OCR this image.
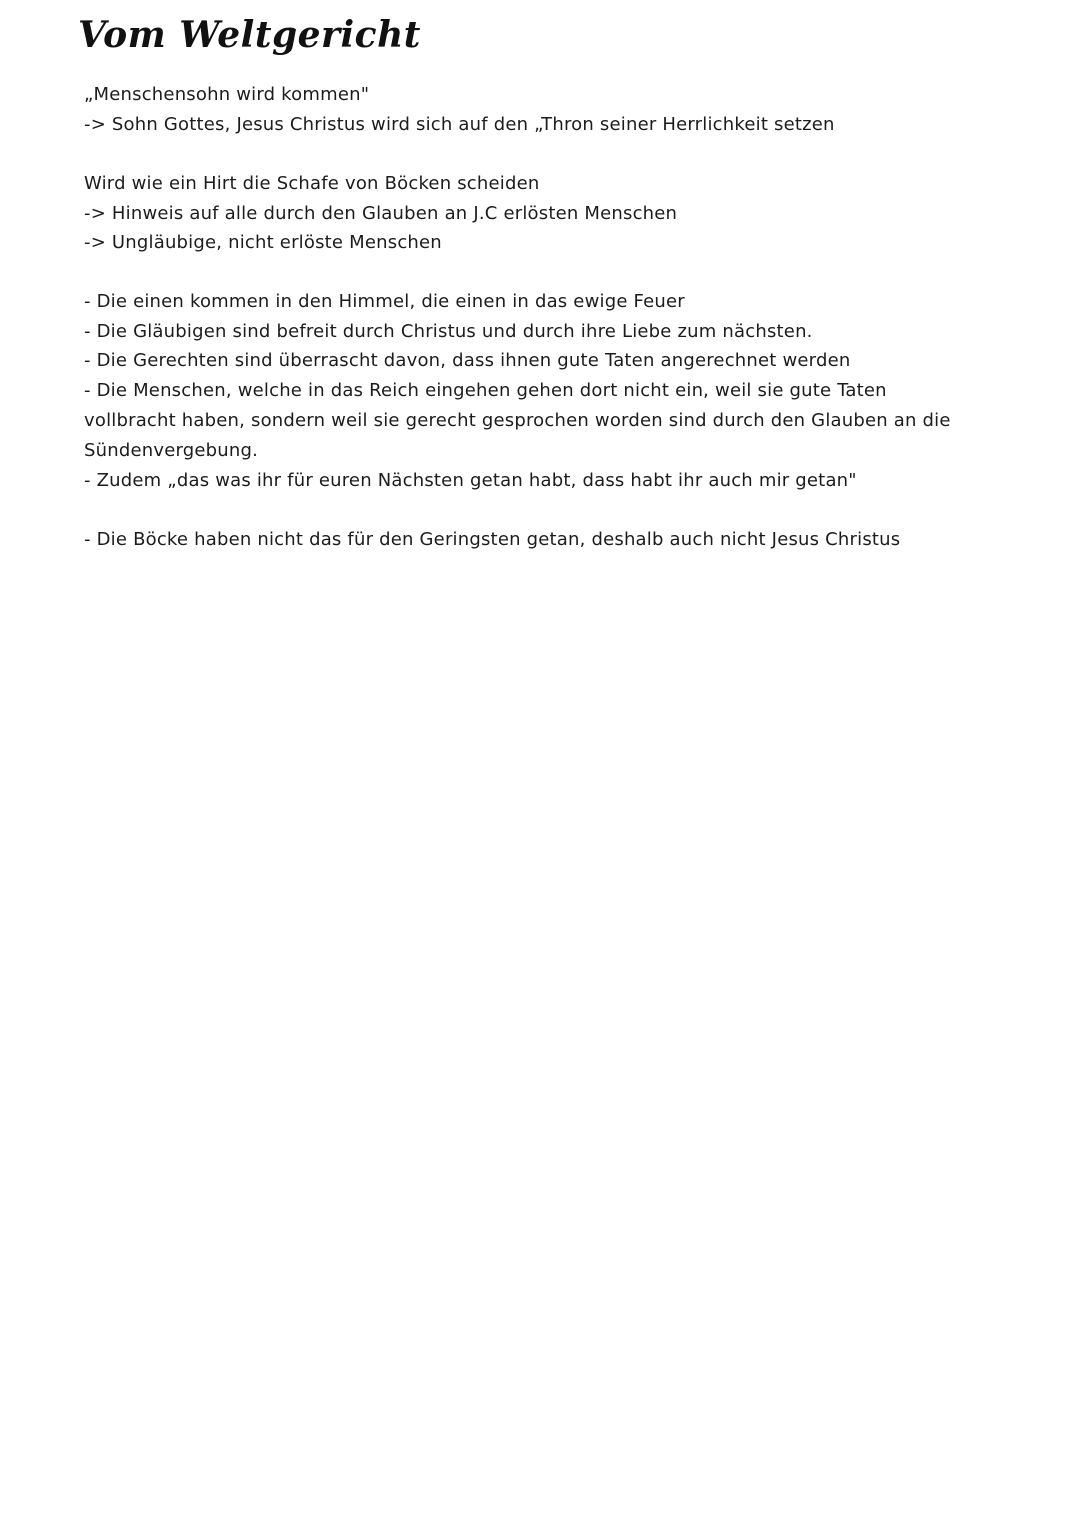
Vom Weltgericht
„Menschensohn wird kommen"
-> Sohn Gottes, Jesus Christus wird sich auf den „Thron seiner Herrlichkeit setzen
Wird wie ein Hirt die Schafe von Böcken scheiden
-> Hinweis auf alle durch den Glauben an J.C erlösten Menschen
-> Ungläubige, nicht erlöste Menschen
- Die einen kommen in den Himmel, die einen in das ewige Feuer
- Die Gläubigen sind befreit durch Christus und durch ihre Liebe zum nächsten.
- Die Gerechten sind überrascht davon, dass ihnen gute Taten angerechnet werden
- Die Menschen, welche in das Reich eingehen gehen dort nicht ein, weil sie gute Taten
vollbracht haben, sondern weil sie gerecht gesprochen worden sind durch den Glauben an die
Sündenvergebung.
- Zudem „das was ihr für euren Nächsten getan habt, dass habt ihr auch mir getan"
- Die Böcke haben nicht das für den Geringsten getan, deshalb auch nicht Jesus Christus
